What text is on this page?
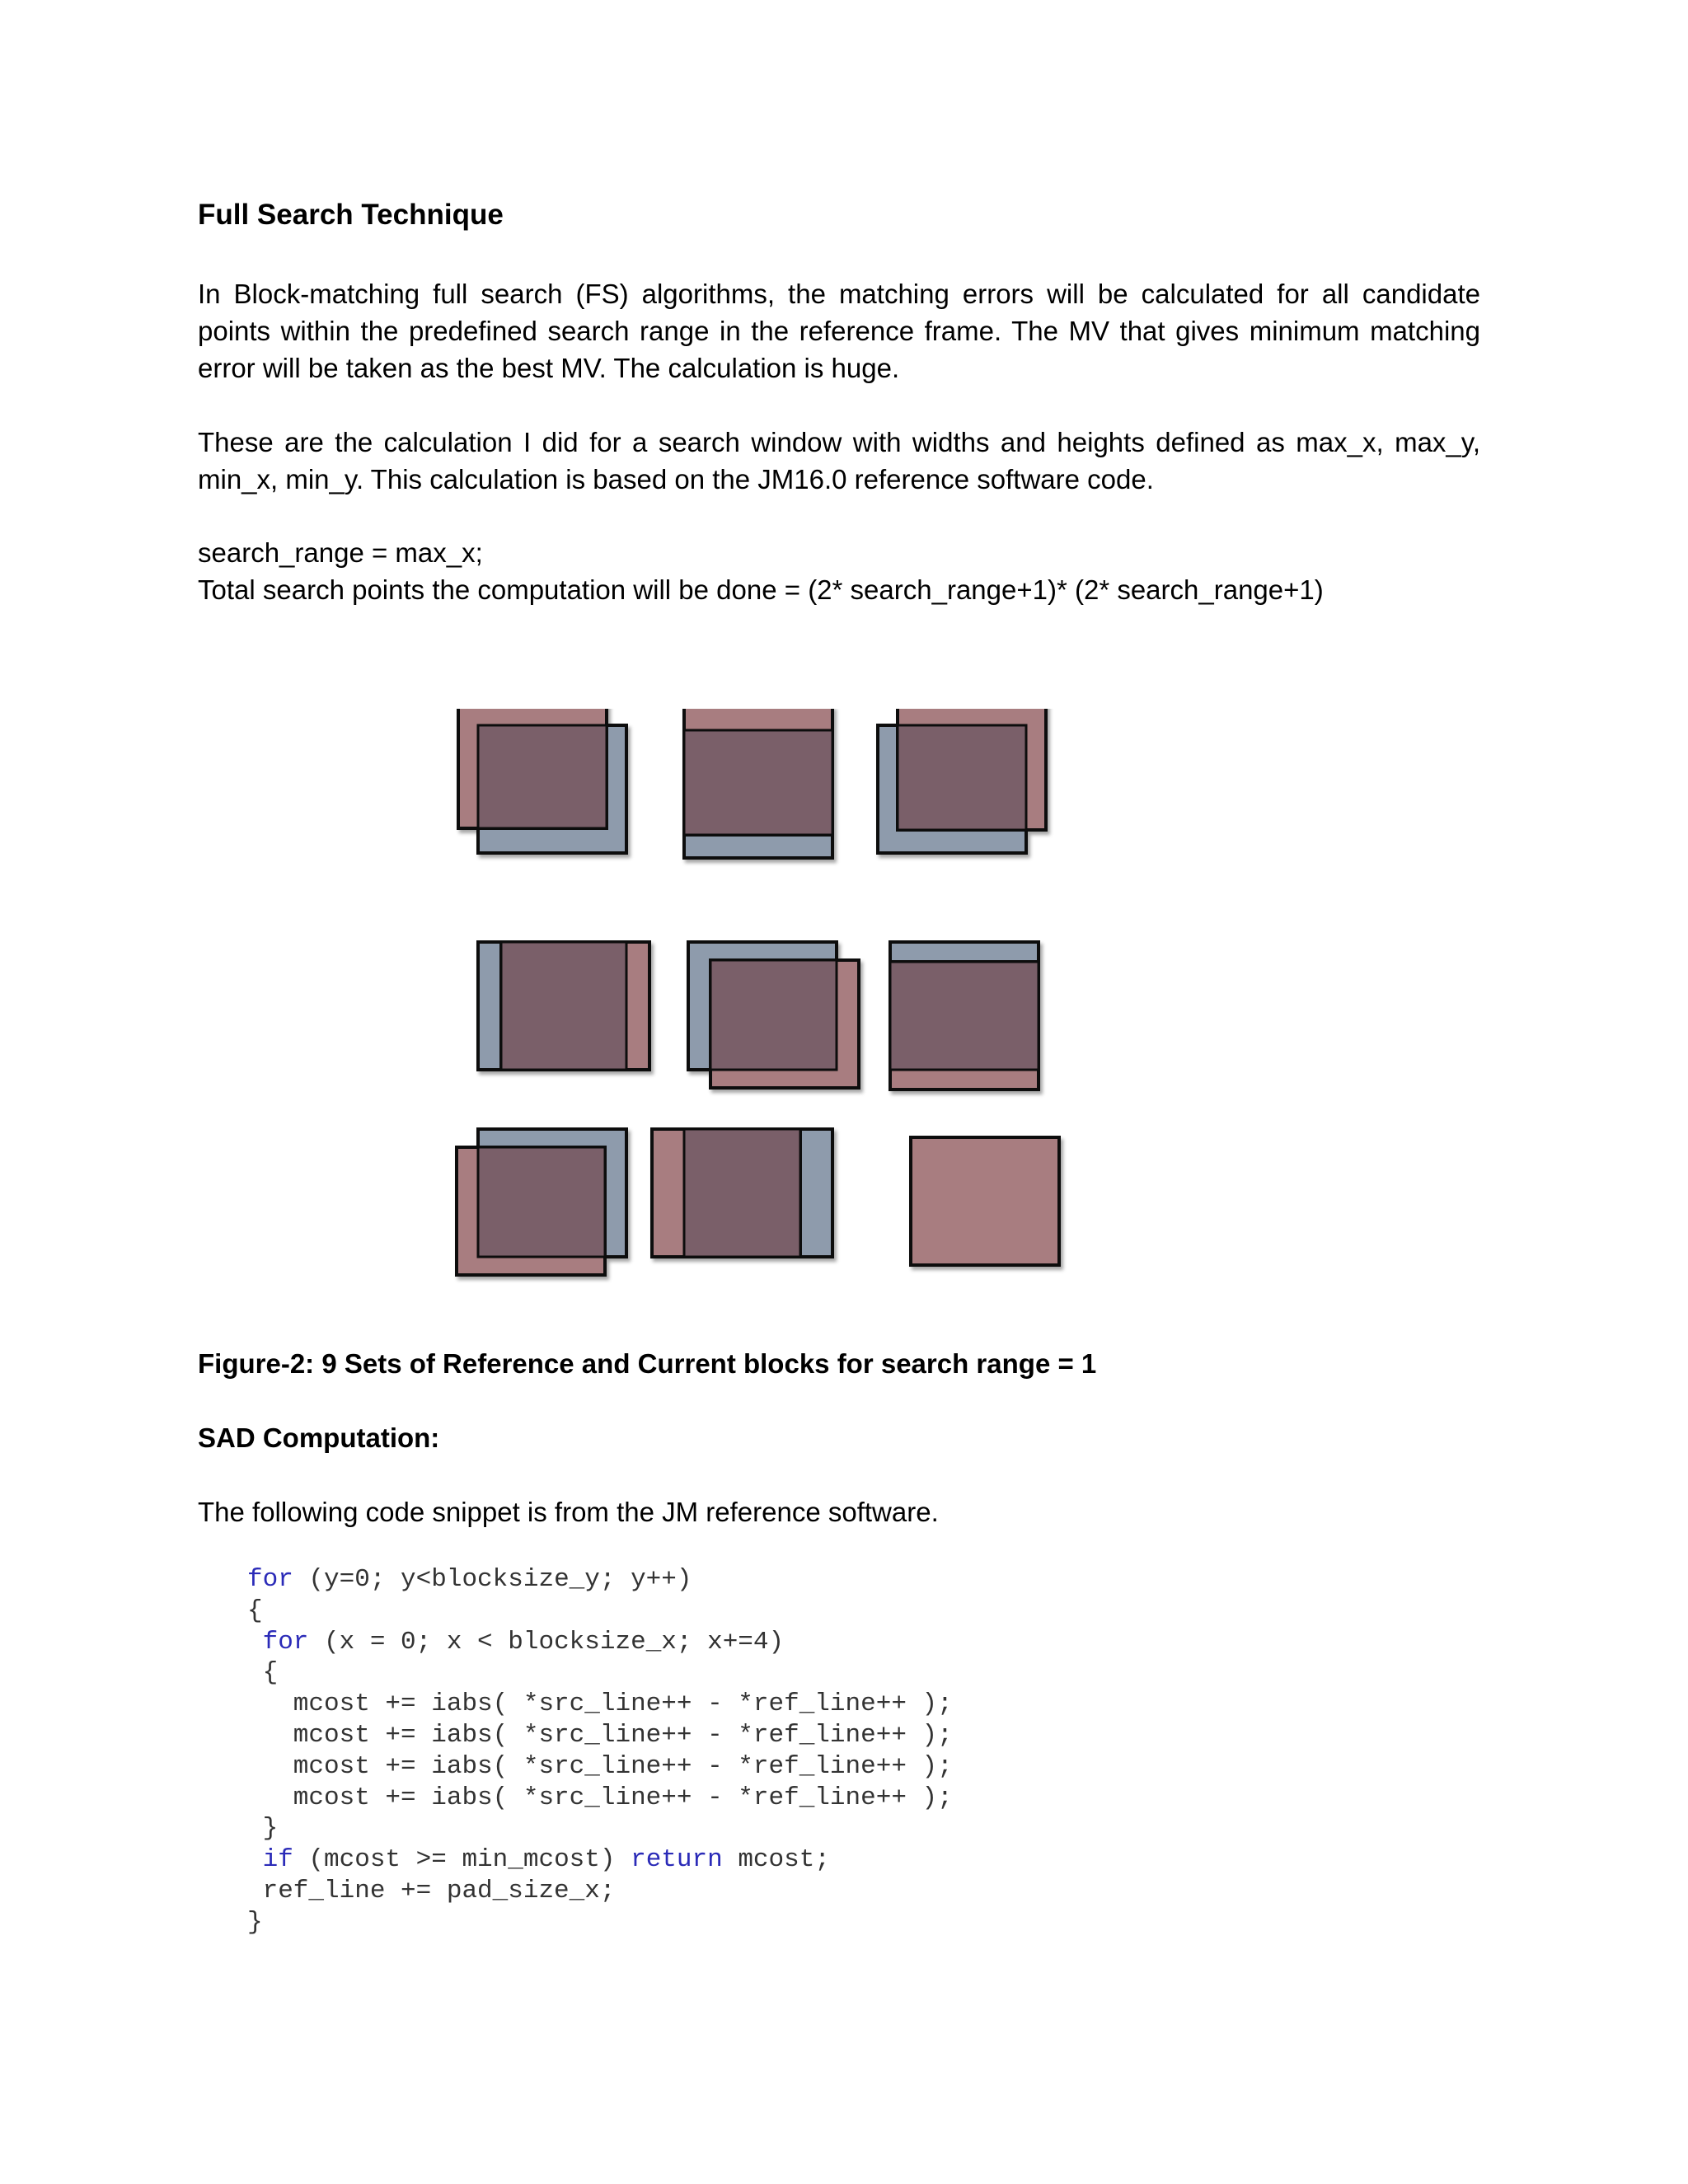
Full Search Technique
In Block-matching full search (FS) algorithms, the matching errors will be calculated for all candidate points within the predefined search range in the reference frame. The MV that gives minimum matching error will be taken as the best MV. The calculation is huge.
These are the calculation I did for a search window with widths and heights defined as max_x, max_y, min_x, min_y. This calculation is based on the JM16.0 reference software code.
search_range = max_x;
Total search points the computation will be done = (2* search_range+1)* (2* search_range+1)
Figure-2: 9 Sets of Reference and Current blocks for search range = 1
SAD Computation:
The following code snippet is from the JM reference software.
for (y=0; y<blocksize_y; y++)
{
for (x = 0; x < blocksize_x; x+=4)
{
mcost += iabs( *src_line++ - *ref_line++ );
mcost += iabs( *src_line++ - *ref_line++ );
mcost += iabs( *src_line++ - *ref_line++ );
mcost += iabs( *src_line++ - *ref_line++ );
}
if (mcost >= min_mcost) return mcost;
ref_line += pad_size_x;
}
